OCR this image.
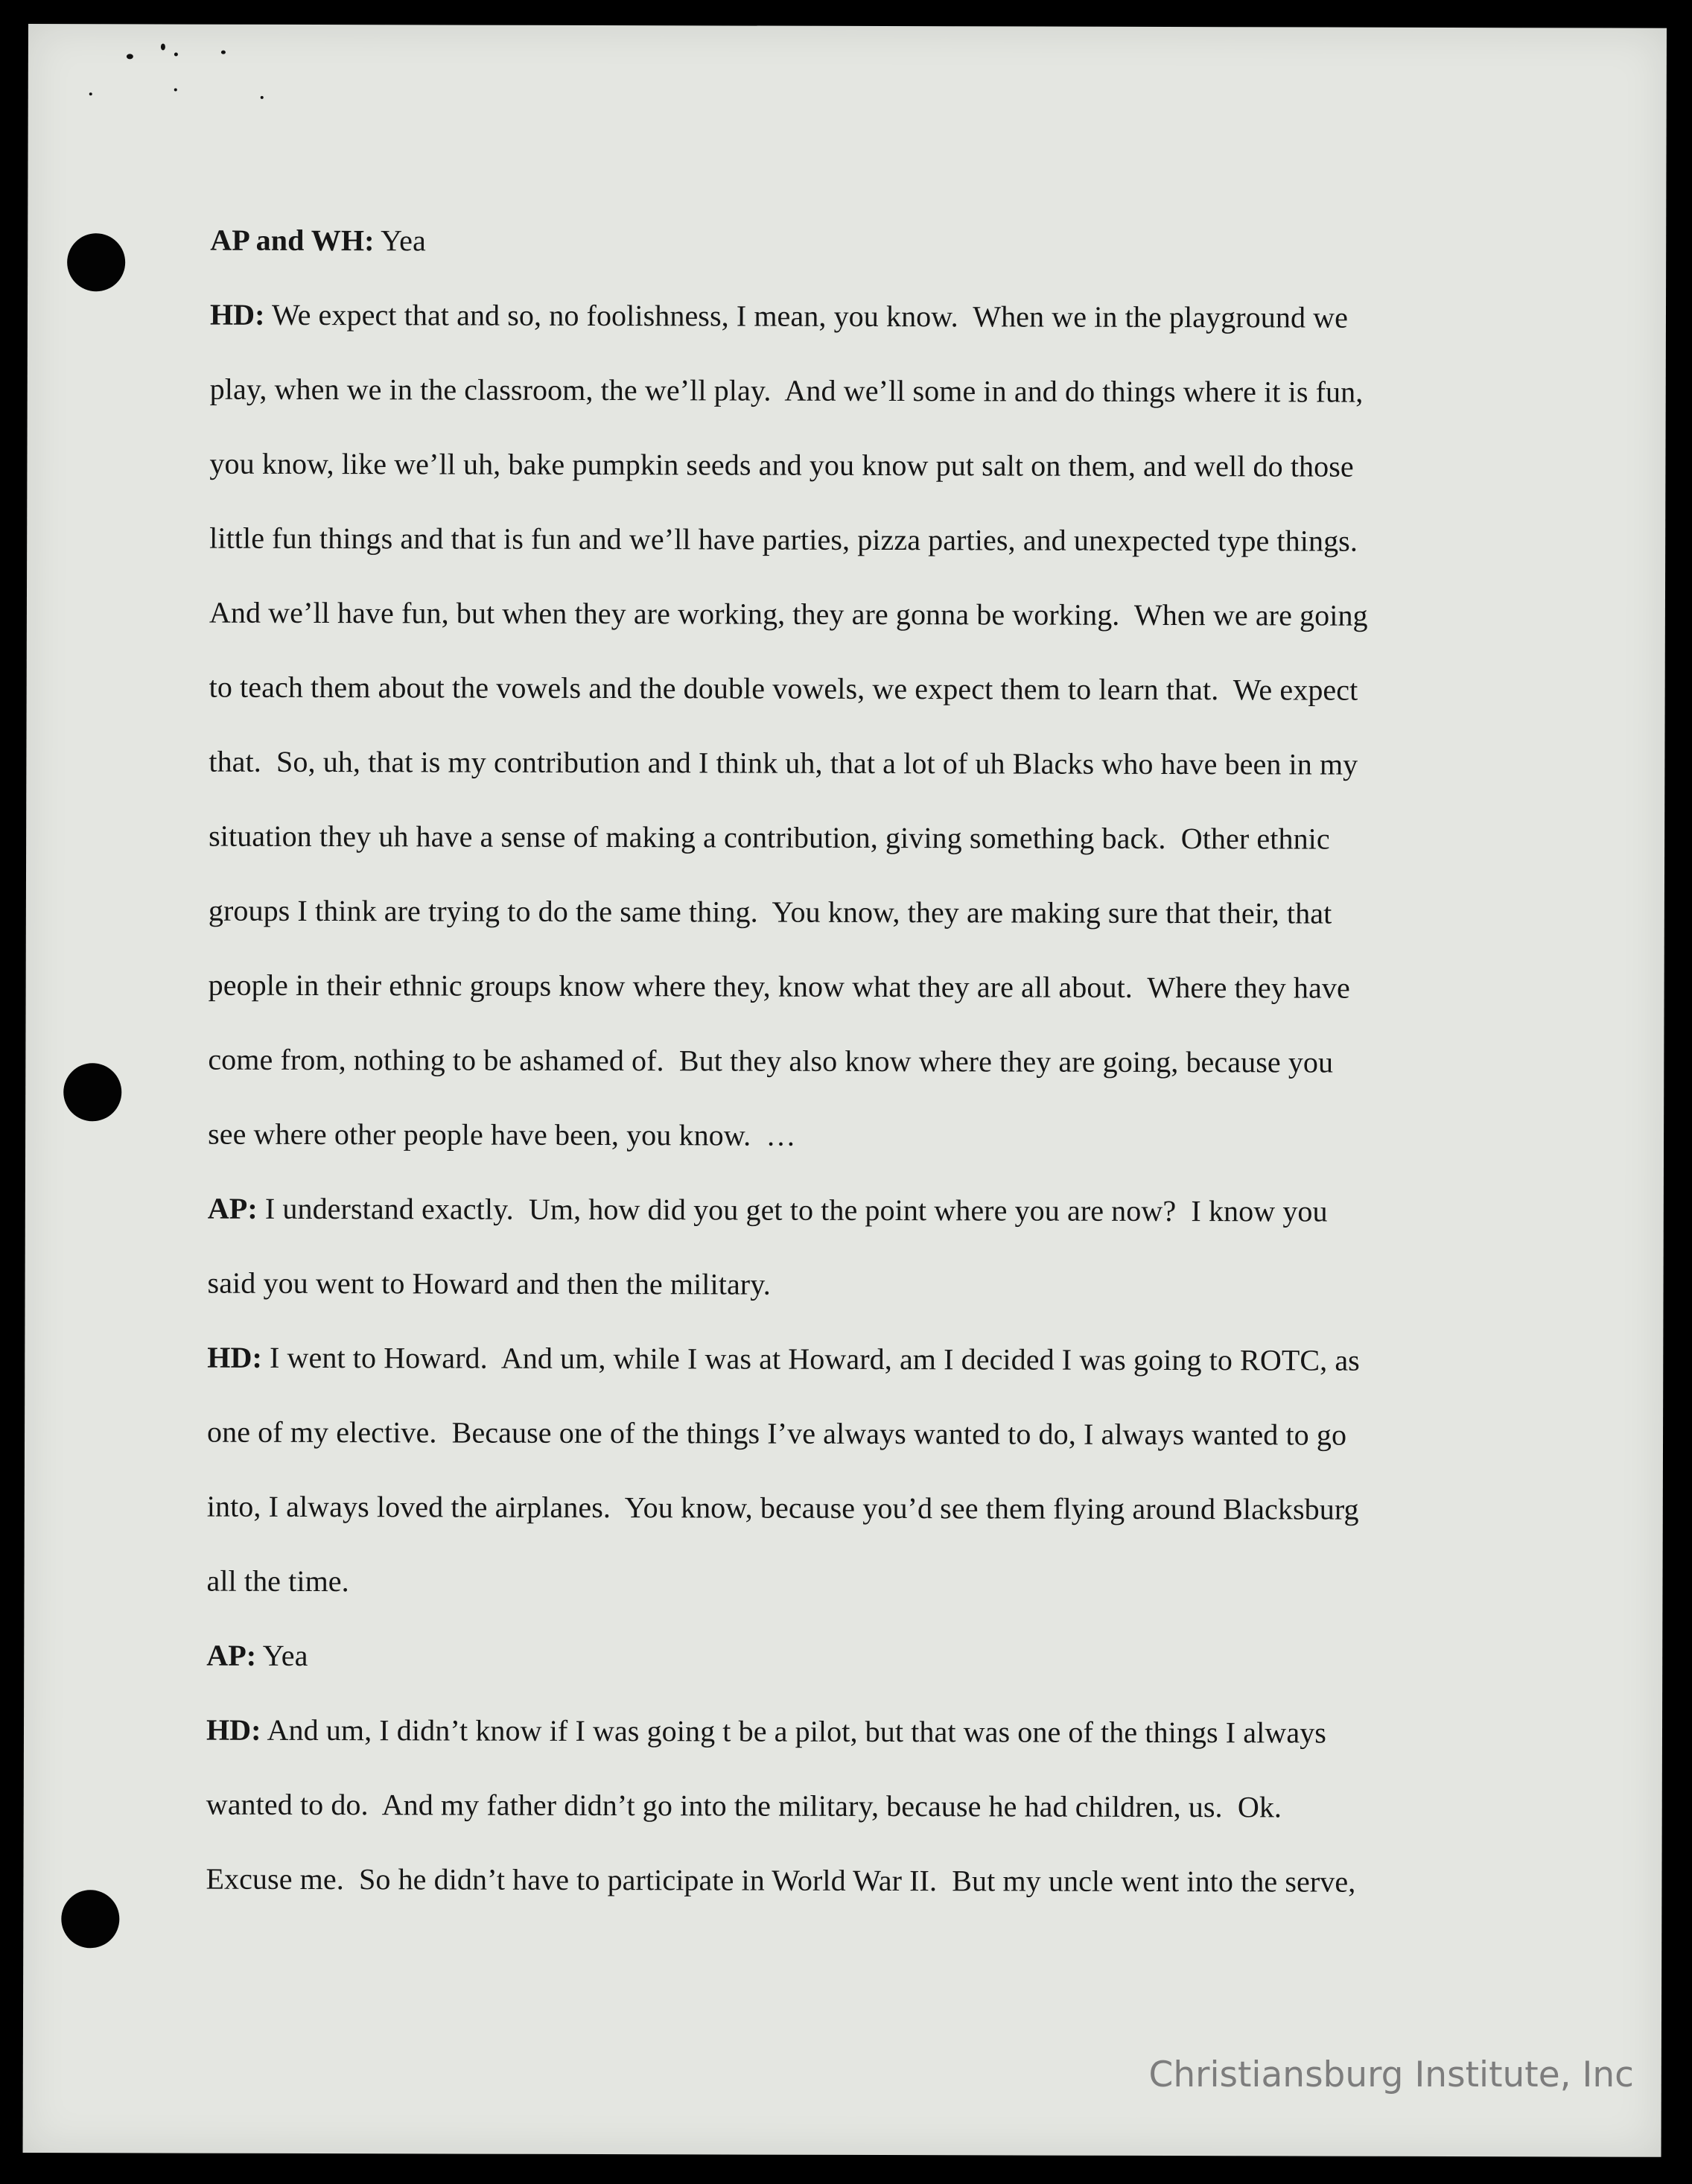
AP and WH: Yea
HD: We expect that and so, no foolishness, I mean, you know.  When we in the playground we
play, when we in the classroom, the we’ll play.  And we’ll some in and do things where it is fun,
you know, like we’ll uh, bake pumpkin seeds and you know put salt on them, and well do those
little fun things and that is fun and we’ll have parties, pizza parties, and unexpected type things.
And we’ll have fun, but when they are working, they are gonna be working.  When we are going
to teach them about the vowels and the double vowels, we expect them to learn that.  We expect
that.  So, uh, that is my contribution and I think uh, that a lot of uh Blacks who have been in my
situation they uh have a sense of making a contribution, giving something back.  Other ethnic
groups I think are trying to do the same thing.  You know, they are making sure that their, that
people in their ethnic groups know where they, know what they are all about.  Where they have
come from, nothing to be ashamed of.  But they also know where they are going, because you
see where other people have been, you know.  …
AP: I understand exactly.  Um, how did you get to the point where you are now?  I know you
said you went to Howard and then the military.
HD: I went to Howard.  And um, while I was at Howard, am I decided I was going to ROTC, as
one of my elective.  Because one of the things I’ve always wanted to do, I always wanted to go
into, I always loved the airplanes.  You know, because you’d see them flying around Blacksburg
all the time.
AP: Yea
HD: And um, I didn’t know if I was going t be a pilot, but that was one of the things I always
wanted to do.  And my father didn’t go into the military, because he had children, us.  Ok.
Excuse me.  So he didn’t have to participate in World War II.  But my uncle went into the serve,
Christiansburg Institute, Inc
